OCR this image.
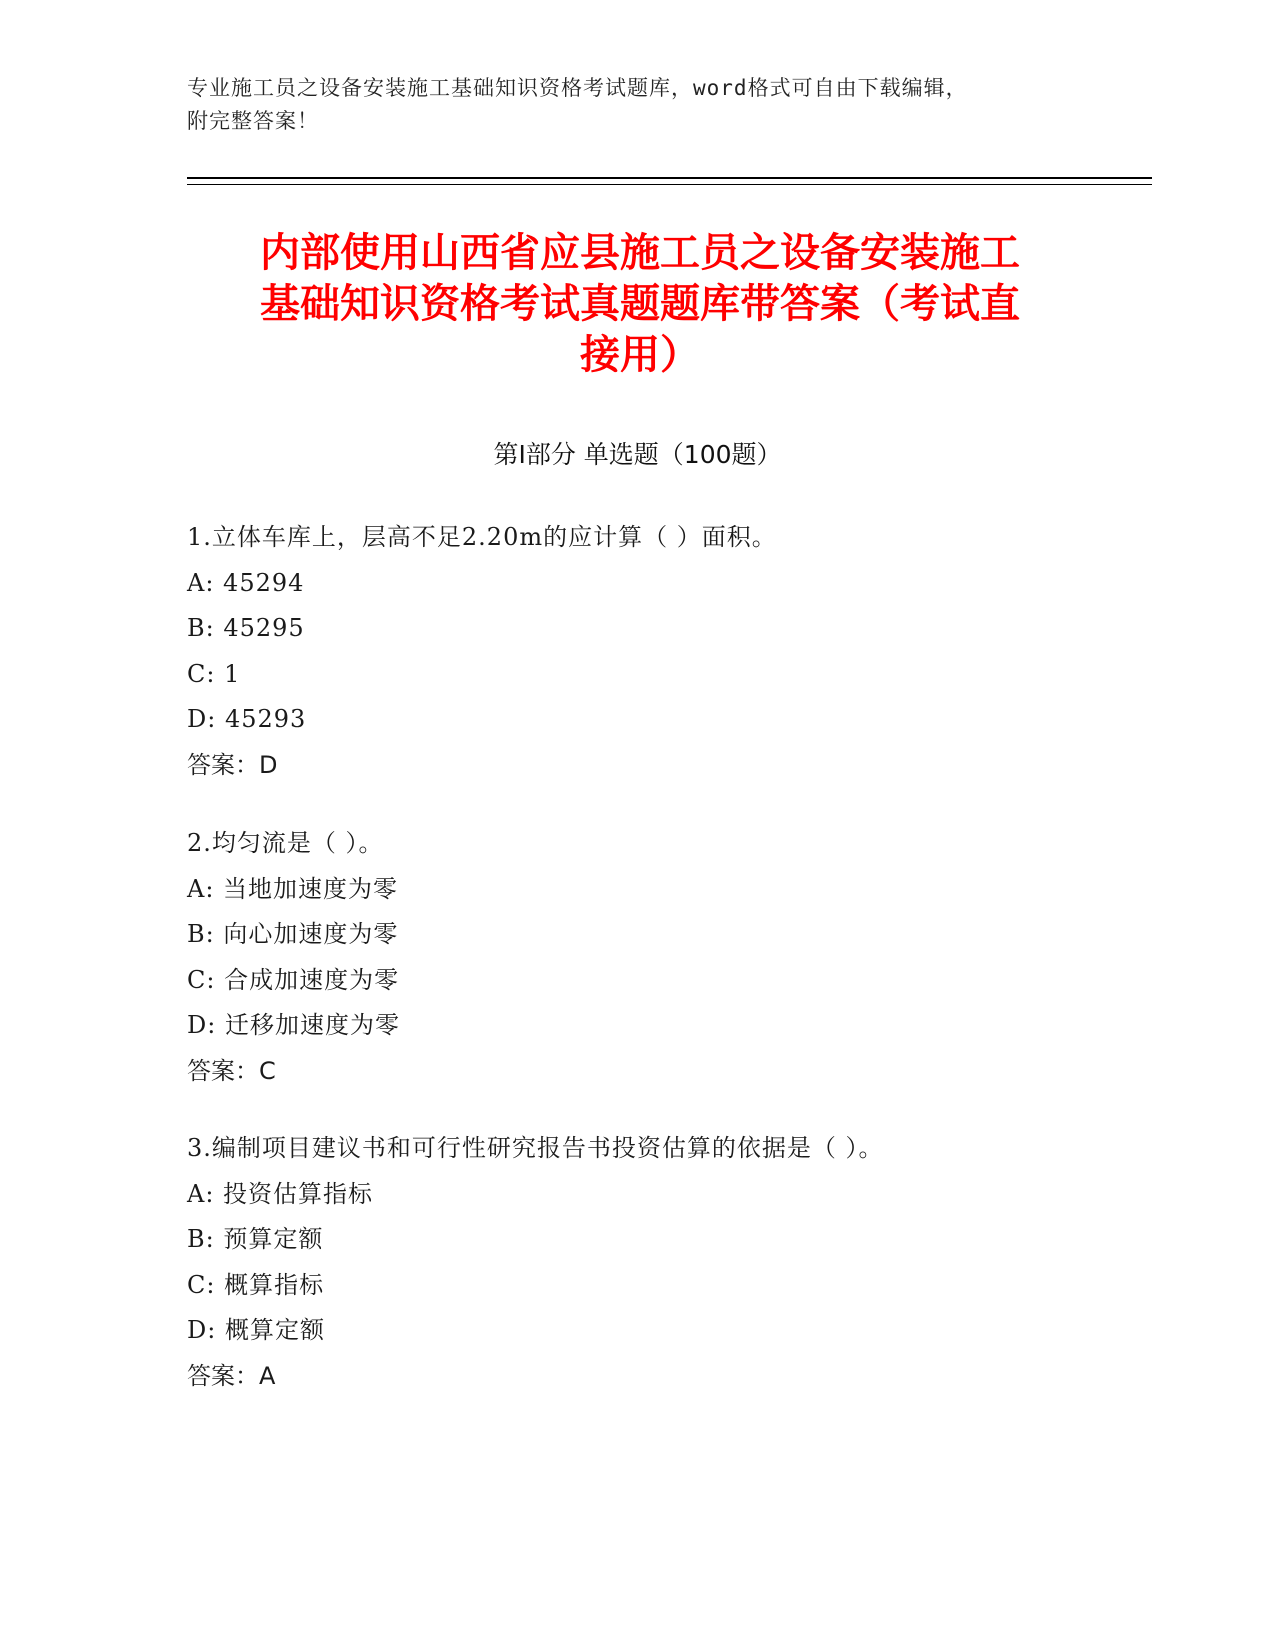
专业施工员之设备安装施工基础知识资格考试题库，word格式可自由下载编辑，
附完整答案！
内部使用山西省应县施工员之设备安装施工
基础知识资格考试真题题库带答案（考试直
接用）
第Ⅰ部分 单选题（100题）
1.立体车库上，层高不足2.20m的应计算（ ）面积。
A: 45294
B: 45295
C: 1
D: 45293
答案：D
2.均匀流是（ ）。
A: 当地加速度为零
B: 向心加速度为零
C: 合成加速度为零
D: 迁移加速度为零
答案：C
3.编制项目建议书和可行性研究报告书投资估算的依据是（ ）。
A: 投资估算指标
B: 预算定额
C: 概算指标
D: 概算定额
答案：A
